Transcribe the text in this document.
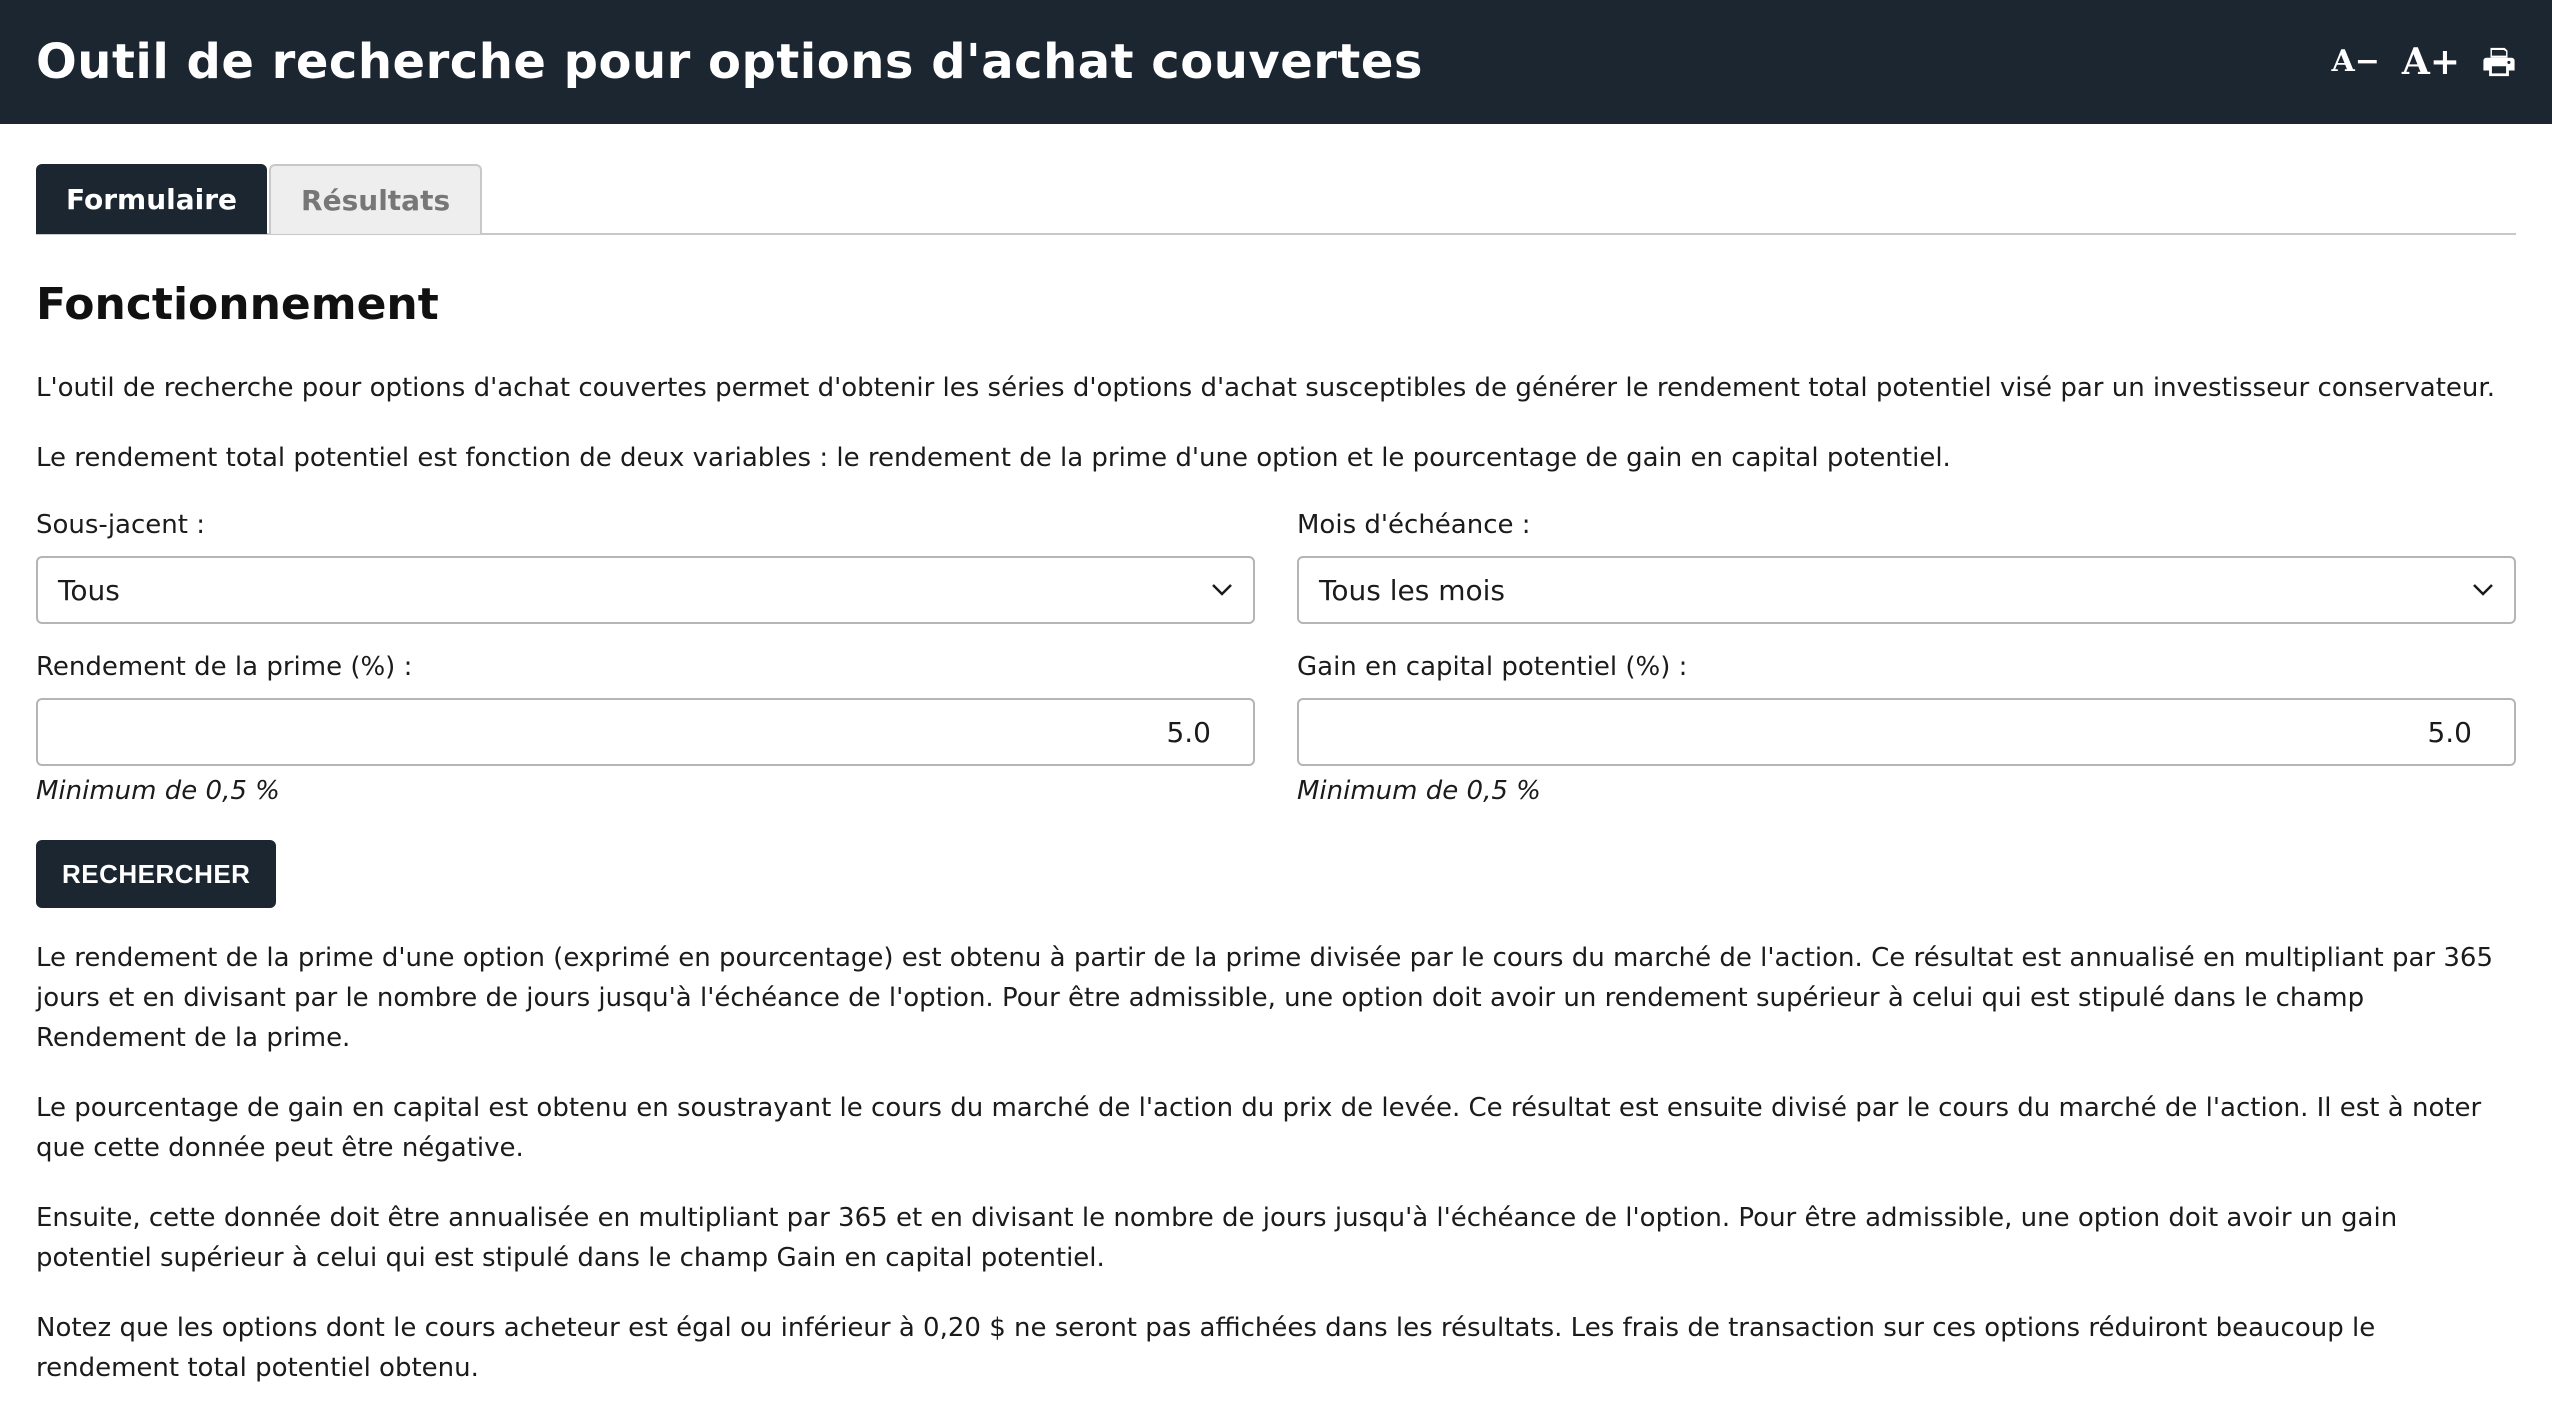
Outil de recherche pour options d'achat couvertes	A− A+
Formulaire	Résultats
Fonctionnement

L'outil de recherche pour options d'achat couvertes permet d'obtenir les séries d'options d'achat susceptibles de générer le rendement total potentiel visé par un investisseur conservateur.

Le rendement total potentiel est fonction de deux variables : le rendement de la prime d'une option et le pourcentage de gain en capital potentiel.

Sous-jacent :
Tous
Mois d'échéance :
Tous les mois
Rendement de la prime (%) :
5.0
Minimum de 0,5 %
Gain en capital potentiel (%) :
5.0
Minimum de 0,5 %
RECHERCHER

Le rendement de la prime d'une option (exprimé en pourcentage) est obtenu à partir de la prime divisée par le cours du marché de l'action. Ce résultat est annualisé en multipliant par 365 jours et en divisant par le nombre de jours jusqu'à l'échéance de l'option. Pour être admissible, une option doit avoir un rendement supérieur à celui qui est stipulé dans le champ Rendement de la prime.

Le pourcentage de gain en capital est obtenu en soustrayant le cours du marché de l'action du prix de levée. Ce résultat est ensuite divisé par le cours du marché de l'action. Il est à noter que cette donnée peut être négative.

Ensuite, cette donnée doit être annualisée en multipliant par 365 et en divisant le nombre de jours jusqu'à l'échéance de l'option. Pour être admissible, une option doit avoir un gain potentiel supérieur à celui qui est stipulé dans le champ Gain en capital potentiel.

Notez que les options dont le cours acheteur est égal ou inférieur à 0,20 $ ne seront pas affichées dans les résultats. Les frais de transaction sur ces options réduiront beaucoup le rendement total potentiel obtenu.
